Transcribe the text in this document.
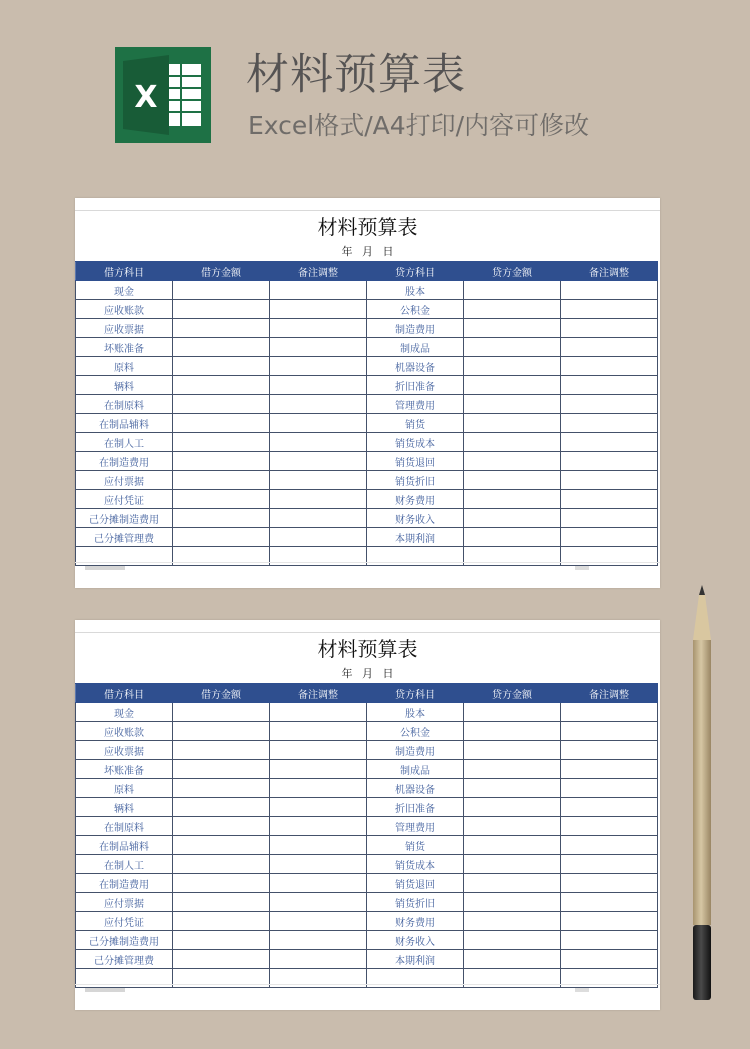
X 材料预算表

Excel格式/A4打印/内容可修改

材料预算表
年 月 日
借方科目	借方金额	备注调整	贷方科目	贷方金额	备注调整
现金			股本		
应收账款			公积金		
应收票据			制造费用		
坏账准备			制成品		
原料			机器设备		
辆料			折旧准备		
在制原料			管理费用		
在制品辅料			销货		
在制人工			销货成本		
在制造费用			销货退回		
应付票据			销货折旧		
应付凭证			财务费用		
己分摊制造费用			财务收入		
己分摊管理费			本期利润		

材料预算表
年 月 日
借方科目	借方金额	备注调整	贷方科目	贷方金额	备注调整
现金			股本		
应收账款			公积金		
应收票据			制造费用		
坏账准备			制成品		
原料			机器设备		
辆料			折旧准备		
在制原料			管理费用		
在制品辅料			销货		
在制人工			销货成本		
在制造费用			销货退回		
应付票据			销货折旧		
应付凭证			财务费用		
己分摊制造费用			财务收入		
己分摊管理费			本期利润		
